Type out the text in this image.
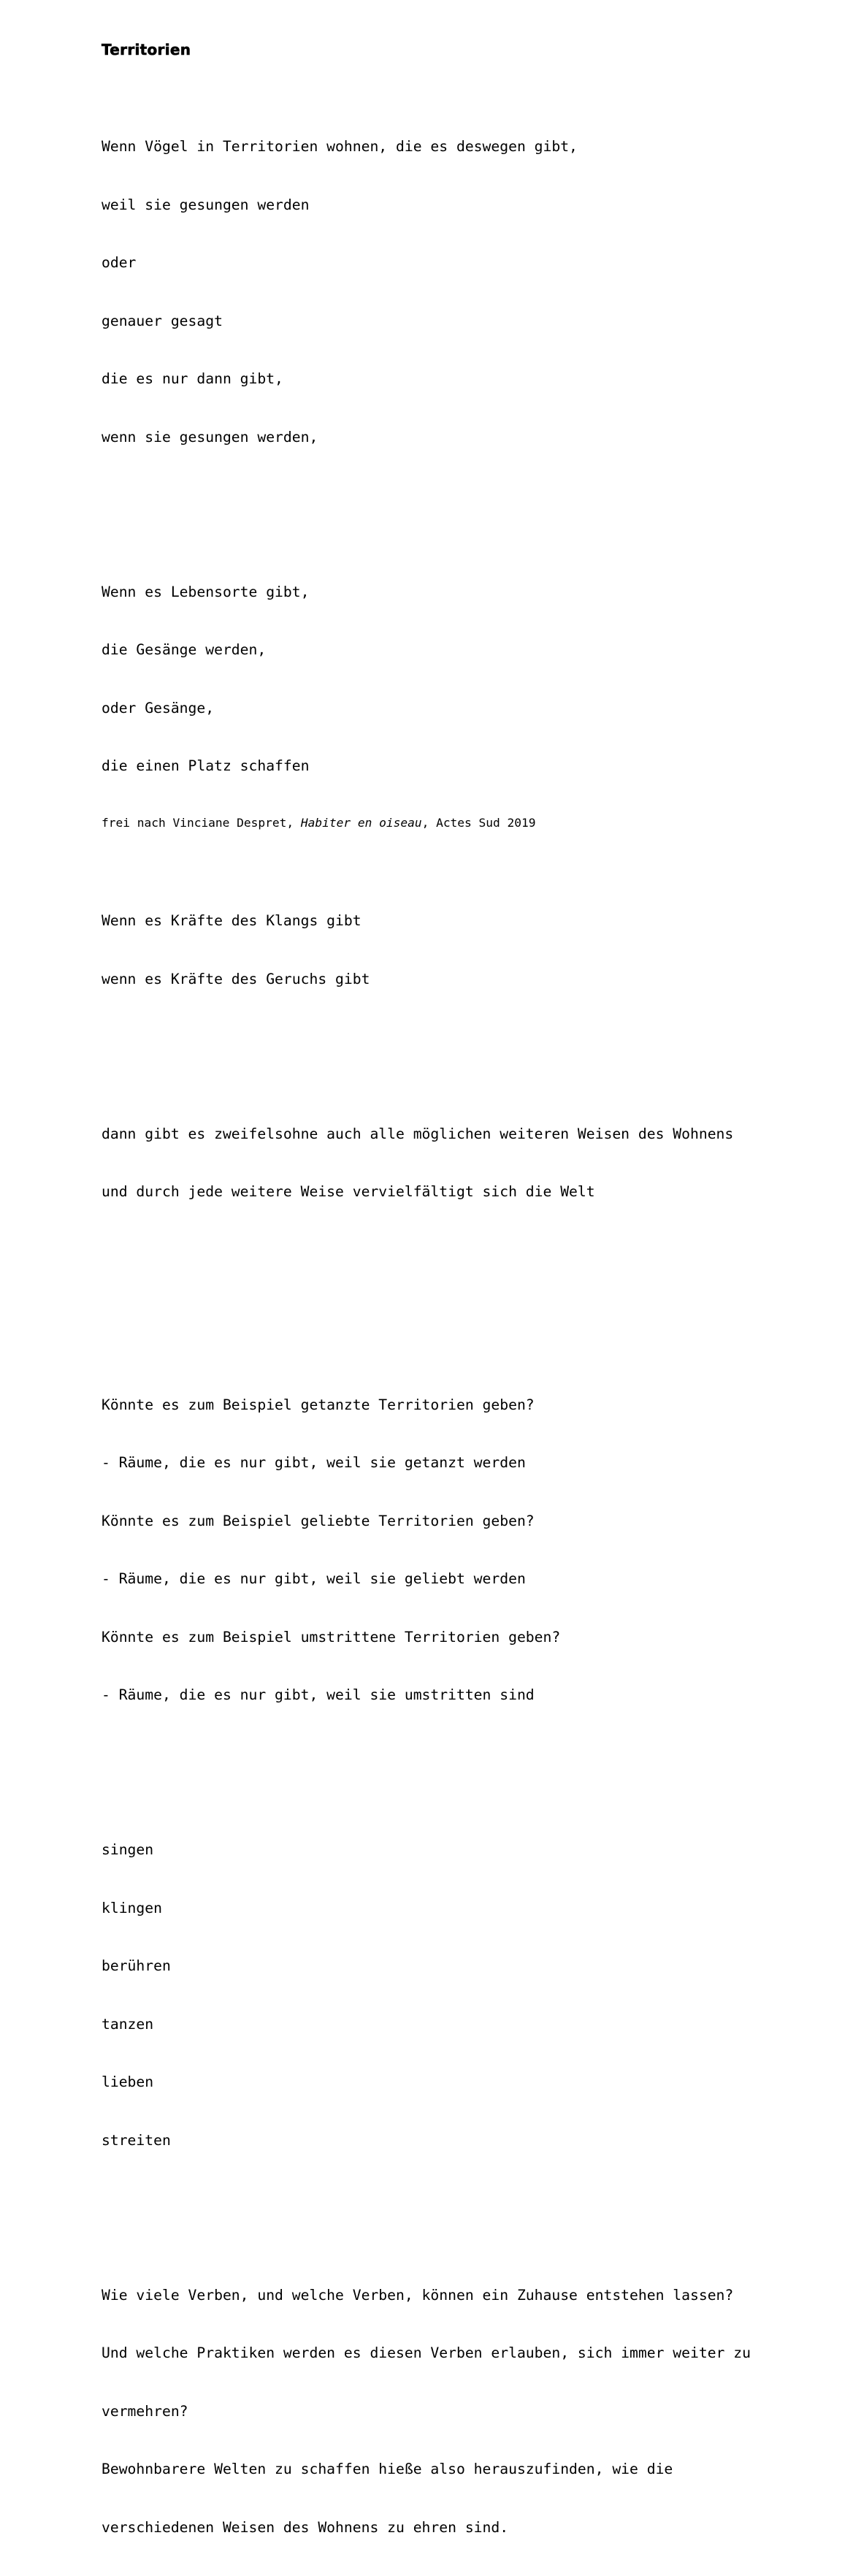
Territorien

Wenn Vögel in Territorien wohnen, die es deswegen gibt,

weil sie gesungen werden

oder

genauer gesagt

die es nur dann gibt,

wenn sie gesungen werden,

Wenn es Lebensorte gibt,

die Gesänge werden,

oder Gesänge,

die einen Platz schaffen

Wenn es Kräfte des Klangs gibt

wenn es Kräfte des Geruchs gibt

dann gibt es zweifelsohne auch alle möglichen weiteren Weisen des Wohnens

und durch jede weitere Weise vervielfältigt sich die Welt

Könnte es zum Beispiel getanzte Territorien geben?

- Räume, die es nur gibt, weil sie getanzt werden

Könnte es zum Beispiel geliebte Territorien geben?

- Räume, die es nur gibt, weil sie geliebt werden

Könnte es zum Beispiel umstrittene Territorien geben?

- Räume, die es nur gibt, weil sie umstritten sind

singen

klingen

berühren

tanzen

lieben

streiten

Wie viele Verben, und welche Verben, können ein Zuhause entstehen lassen?

Und welche Praktiken werden es diesen Verben erlauben, sich immer weiter zu

vermehren?

Bewohnbarere Welten zu schaffen hieße also herauszufinden, wie die

verschiedenen Weisen des Wohnens zu ehren sind.

frei nach Vinciane Despret, Habiter en oiseau, Actes Sud 2019
